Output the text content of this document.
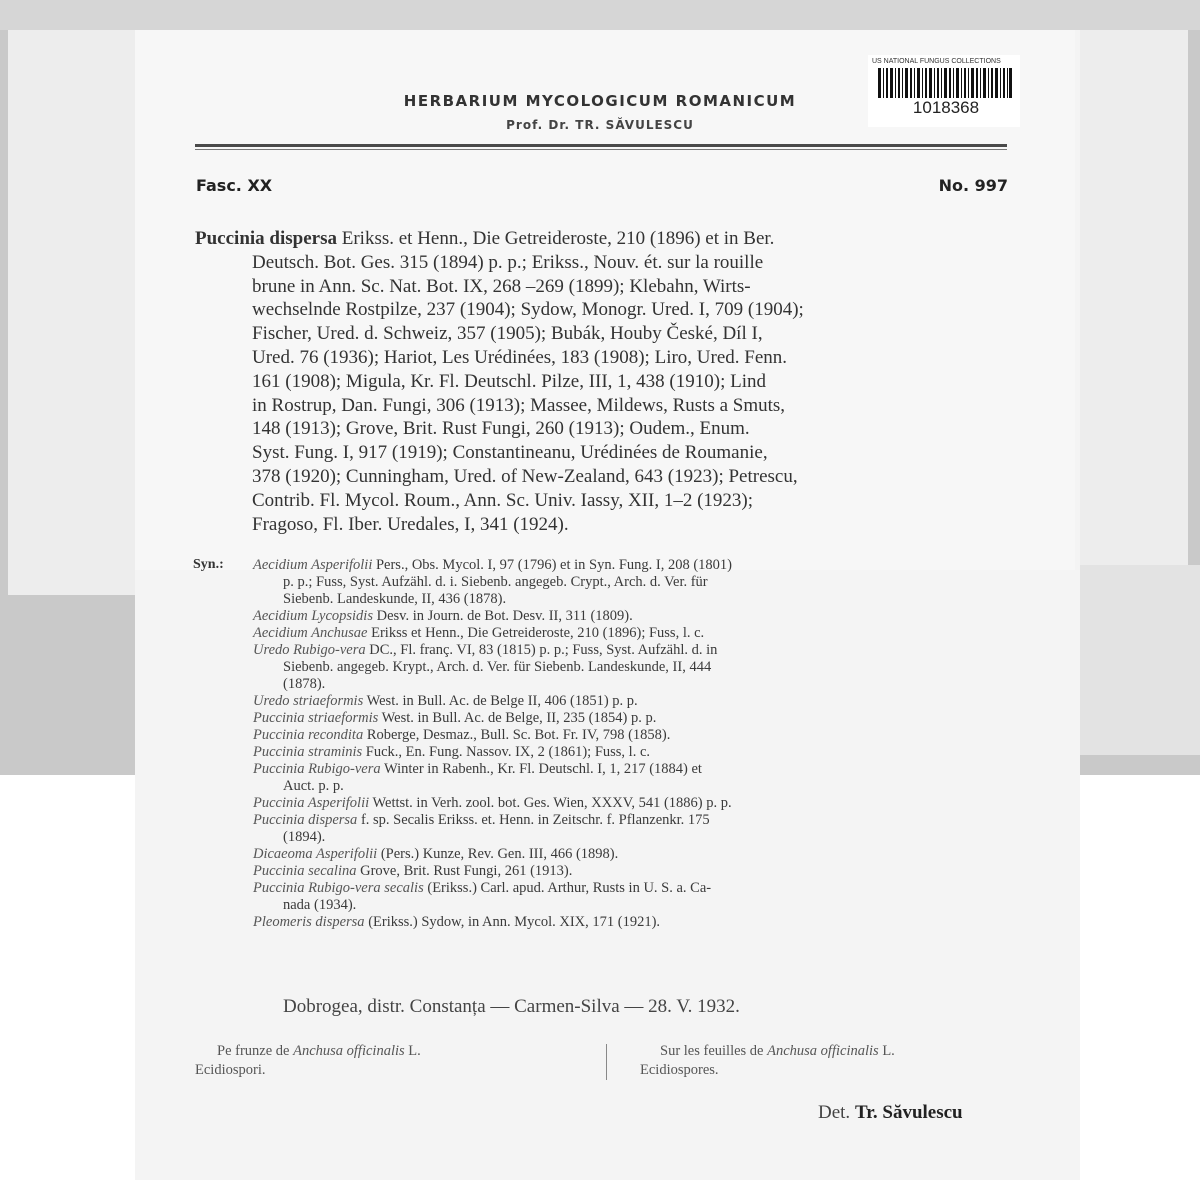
US NATIONAL FUNGUS COLLECTIONS
1018368
HERBARIUM MYCOLOGICUM ROMANICUM
Prof. Dr. TR. SĂVULESCU
Fasc. XX	No. 997
Puccinia dispersa Erikss. et Henn., Die Getreideroste, 210 (1896) et in Ber.
Deutsch. Bot. Ges. 315 (1894) p. p.; Erikss., Nouv. ét. sur la rouille
brune in Ann. Sc. Nat. Bot. IX, 268 –269 (1899); Klebahn, Wirts-
wechselnde Rostpilze, 237 (1904); Sydow, Monogr. Ured. I, 709 (1904);
Fischer, Ured. d. Schweiz, 357 (1905); Bubák, Houby České, Díl I,
Ured. 76 (1936); Hariot, Les Urédinées, 183 (1908); Liro, Ured. Fenn.
161 (1908); Migula, Kr. Fl. Deutschl. Pilze, III, 1, 438 (1910); Lind
in Rostrup, Dan. Fungi, 306 (1913); Massee, Mildews, Rusts a Smuts,
148 (1913); Grove, Brit. Rust Fungi, 260 (1913); Oudem., Enum.
Syst. Fung. I, 917 (1919); Constantineanu, Urédinées de Roumanie,
378 (1920); Cunningham, Ured. of New-Zealand, 643 (1923); Petrescu,
Contrib. Fl. Mycol. Roum., Ann. Sc. Univ. Iassy, XII, 1–2 (1923);
Fragoso, Fl. Iber. Uredales, I, 341 (1924).
Syn.: Aecidium Asperifolii Pers., Obs. Mycol. I, 97 (1796) et in Syn. Fung. I, 208 (1801)
p. p.; Fuss, Syst. Aufzähl. d. i. Siebenb. angegeb. Crypt., Arch. d. Ver. für
Siebenb. Landeskunde, II, 436 (1878).
Aecidium Lycopsidis Desv. in Journ. de Bot. Desv. II, 311 (1809).
Aecidium Anchusae Erikss et Henn., Die Getreideroste, 210 (1896); Fuss, l. c.
Uredo Rubigo-vera DC., Fl. franç. VI, 83 (1815) p. p.; Fuss, Syst. Aufzähl. d. in
Siebenb. angegeb. Krypt., Arch. d. Ver. für Siebenb. Landeskunde, II, 444
(1878).
Uredo striaeformis West. in Bull. Ac. de Belge II, 406 (1851) p. p.
Puccinia striaeformis West. in Bull. Ac. de Belge, II, 235 (1854) p. p.
Puccinia recondita Roberge, Desmaz., Bull. Sc. Bot. Fr. IV, 798 (1858).
Puccinia straminis Fuck., En. Fung. Nassov. IX, 2 (1861); Fuss, l. c.
Puccinia Rubigo-vera Winter in Rabenh., Kr. Fl. Deutschl. I, 1, 217 (1884) et
Auct. p. p.
Puccinia Asperifolii Wettst. in Verh. zool. bot. Ges. Wien, XXXV, 541 (1886) p. p.
Puccinia dispersa f. sp. Secalis Erikss. et. Henn. in Zeitschr. f. Pflanzenkr. 175
(1894).
Dicaeoma Asperifolii (Pers.) Kunze, Rev. Gen. III, 466 (1898).
Puccinia secalina Grove, Brit. Rust Fungi, 261 (1913).
Puccinia Rubigo-vera secalis (Erikss.) Carl. apud. Arthur, Rusts in U. S. a. Ca-
nada (1934).
Pleomeris dispersa (Erikss.) Sydow, in Ann. Mycol. XIX, 171 (1921).
Dobrogea, distr. Constanța — Carmen-Silva — 28. V. 1932.
Pe frunze de Anchusa officinalis L.
Ecidiospori.
Sur les feuilles de Anchusa officinalis L.
Ecidiospores.
Det. Tr. Săvulescu
